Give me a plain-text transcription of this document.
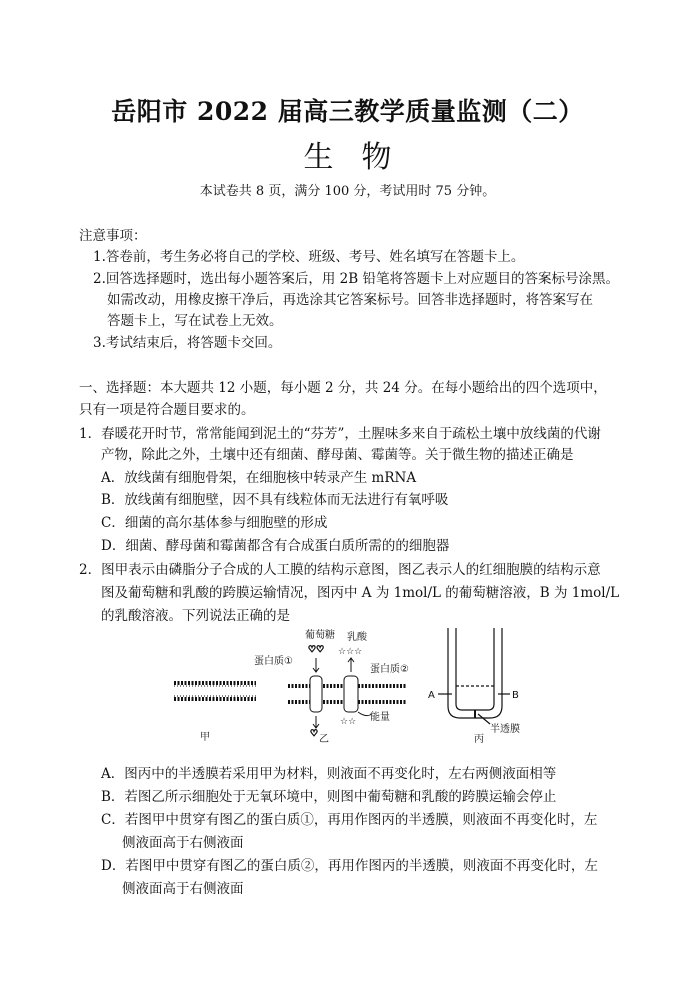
岳阳市 2022 届高三教学质量监测（二）
生物
本试卷共 8 页，满分 100 分，考试用时 75 分钟。
注意事项：
1.答卷前，考生务必将自己的学校、班级、考号、姓名填写在答题卡上。
2.回答选择题时，选出每小题答案后，用 2B 铅笔将答题卡上对应题目的答案标号涂黑。
如需改动，用橡皮擦干净后，再选涂其它答案标号。回答非选择题时，将答案写在
答题卡上，写在试卷上无效。
3.考试结束后，将答题卡交回。
一、选择题：本大题共 12 小题，每小题 2 分，共 24 分。在每小题给出的四个选项中，
只有一项是符合题目要求的。
1．春暖花开时节，常常能闻到泥土的“芬芳”，土腥味多来自于疏松土壤中放线菌的代谢
产物，除此之外，土壤中还有细菌、酵母菌、霉菌等。关于微生物的描述正确是
A．放线菌有细胞骨架，在细胞核中转录产生 mRNA
B．放线菌有细胞壁，因不具有线粒体而无法进行有氧呼吸
C．细菌的高尔基体参与细胞壁的形成
D．细菌、酵母菌和霉菌都含有合成蛋白质所需的的细胞器
2．图甲表示由磷脂分子合成的人工膜的结构示意图，图乙表示人的红细胞膜的结构示意
图及葡萄糖和乳酸的跨膜运输情况，图丙中 A 为 1mol/L 的葡萄糖溶液，B 为 1mol/L
的乳酸溶液。下列说法正确的是
甲
♡♡
♡
☆☆☆
☆☆
葡萄糖 乳酸
蛋白质①
蛋白质②
能量
乙
A	B
半透膜
丙
A．图丙中的半透膜若采用甲为材料，则液面不再变化时，左右两侧液面相等
B．若图乙所示细胞处于无氧环境中，则图中葡萄糖和乳酸的跨膜运输会停止
C．若图甲中贯穿有图乙的蛋白质①，再用作图丙的半透膜，则液面不再变化时，左
侧液面高于右侧液面
D．若图甲中贯穿有图乙的蛋白质②，再用作图丙的半透膜，则液面不再变化时，左
侧液面高于右侧液面
